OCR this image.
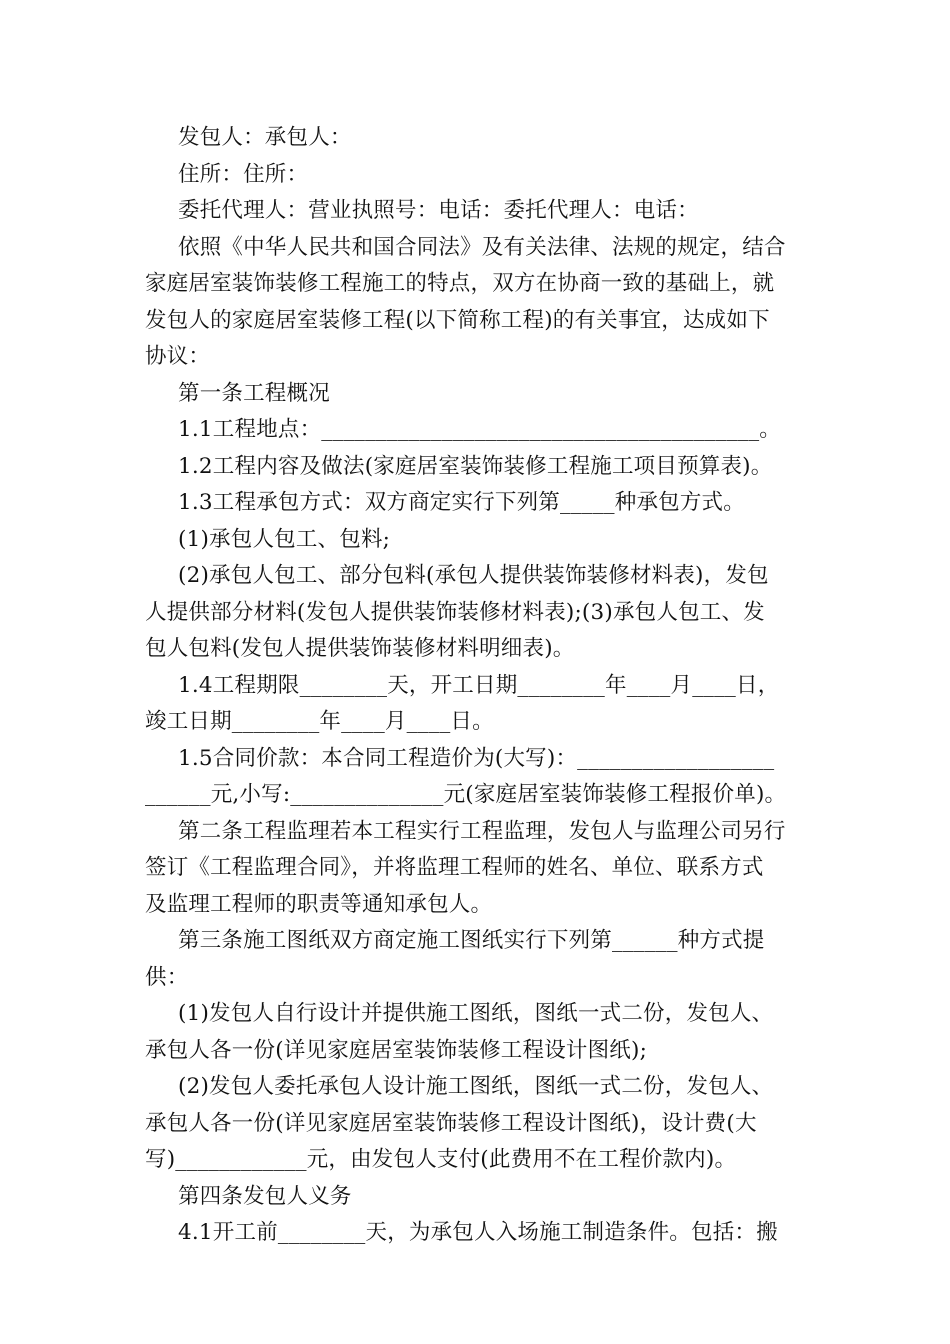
发包人：承包人：

住所：住所：

委托代理人：营业执照号：电话：委托代理人：电话：

依照《中华人民共和国合同法》及有关法律、法规的规定，结合
家庭居室装饰装修工程施工的特点，双方在协商一致的基础上，就
发包人的家庭居室装修工程(以下简称工程)的有关事宜，达成如下
协议：

第一条工程概况

1.1工程地点：________________________________________。

1.2工程内容及做法(家庭居室装饰装修工程施工项目预算表)。

1.3工程承包方式：双方商定实行下列第_____种承包方式。

(1)承包人包工、包料;

(2)承包人包工、部分包料(承包人提供装饰装修材料表)，发包
人提供部分材料(发包人提供装饰装修材料表);(3)承包人包工、发
包人包料(发包人提供装饰装修材料明细表)。

1.4工程期限________天，开工日期________年____月____日，
竣工日期________年____月____日。

1.5合同价款：本合同工程造价为(大写)：__________________
______元,小写:______________元(家庭居室装饰装修工程报价单)。

第二条工程监理若本工程实行工程监理，发包人与监理公司另行
签订《工程监理合同》，并将监理工程师的姓名、单位、联系方式
及监理工程师的职责等通知承包人。

第三条施工图纸双方商定施工图纸实行下列第______种方式提供：

(1)发包人自行设计并提供施工图纸，图纸一式二份，发包人、
承包人各一份(详见家庭居室装饰装修工程设计图纸);

(2)发包人委托承包人设计施工图纸，图纸一式二份，发包人、
承包人各一份(详见家庭居室装饰装修工程设计图纸)，设计费(大
写)____________元，由发包人支付(此费用不在工程价款内)。

第四条发包人义务

4.1开工前________天，为承包人入场施工制造条件。包括：搬
